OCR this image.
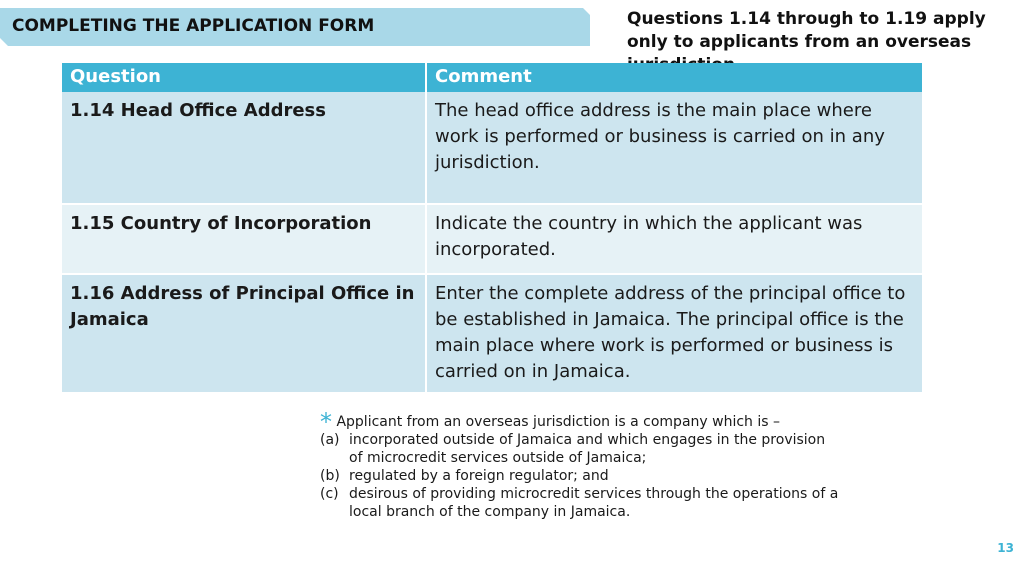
COMPLETING THE APPLICATION FORM	Questions 1.14 through to 1.19 apply only to applicants from an overseas
Question	Comment
1.14 Head Office Address	The head office address is the main place where work is performed or business is carried on in any jurisdiction.
1.15 Country of Incorporation	Indicate the country in which the applicant was incorporated.
1.16 Address of Principal Office in Jamaica	Enter the complete address of the principal office to be established in Jamaica. The principal office is the main place where work is performed or business is carried on in Jamaica.
* Applicant from an overseas jurisdiction is a company which is –
(a) incorporated outside of Jamaica and which engages in the provision of microcredit services outside of Jamaica;
(b) regulated by a foreign regulator; and
(c) desirous of providing microcredit services through the operations of a local branch of the company in Jamaica.
13
